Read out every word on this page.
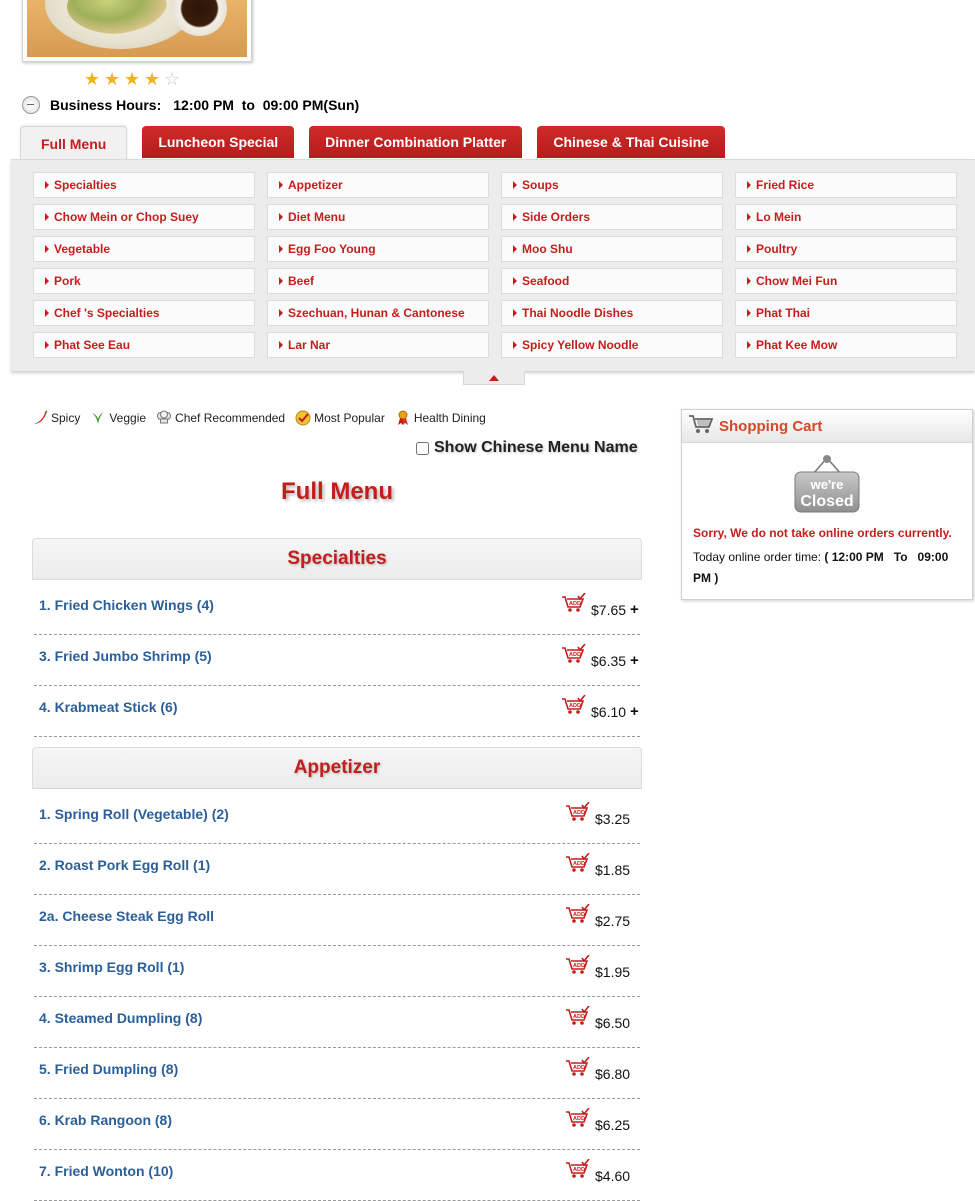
★ ★ ★ ★ ☆
Business Hours: 12:00 PM  to  09:00 PM(Sun)
Full Menu	Luncheon Special	Dinner Combination Platter	Chinese & Thai Cuisine
Specialties	Appetizer	Soups	Fried Rice
Chow Mein or Chop Suey	Diet Menu	Side Orders	Lo Mein
Vegetable	Egg Foo Young	Moo Shu	Poultry
Pork	Beef	Seafood	Chow Mei Fun
Chef 's Specialties	Szechuan, Hunan & Cantonese	Thai Noodle Dishes	Phat Thai
Phat See Eau	Lar Nar	Spicy Yellow Noodle	Phat Kee Mow
Spicy Veggie Chef Recommended Most Popular Health Dining
Show Chinese Menu Name
Full Menu
Specialties
1. Fried Chicken Wings (4)	ADD $7.65 +
3. Fried Jumbo Shrimp (5)	ADD $6.35 +
4. Krabmeat Stick (6)	ADD $6.10 +
Appetizer
1. Spring Roll (Vegetable) (2)	ADD $3.25
2. Roast Pork Egg Roll (1)	ADD $1.85
2a. Cheese Steak Egg Roll	ADD $2.75
3. Shrimp Egg Roll (1)	ADD $1.95
4. Steamed Dumpling (8)	ADD $6.50
5. Fried Dumpling (8)	ADD $6.80
6. Krab Rangoon (8)	ADD $6.25
7. Fried Wonton (10)	ADD $4.60
Shopping Cart
we're
Closed
Sorry, We do not take online orders currently.
Today online order time: ( 12:00 PM   To   09:00 PM )
